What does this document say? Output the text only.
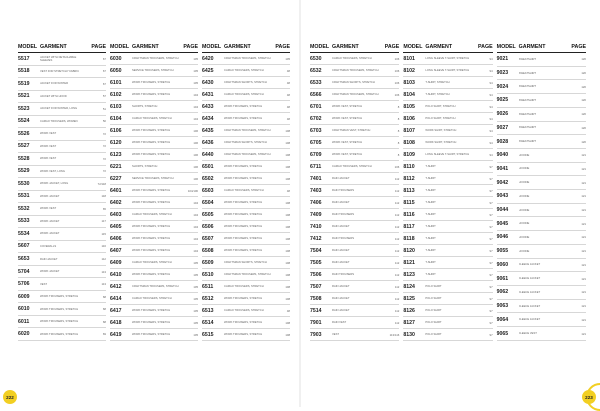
MODEL	GARMENT	PAGE
5517	JACKET WITH DETACHABLE SLEEVES	67
5518	VEST FOR STRETCHY FABRIC	67
5519	JACKET FOR WINTER	67
5521	JACKET WITH HOOD	57
5523	JACKET FOR WINTER, LONG	51
5524	CARGO TROUSERS, WOMEN	50
5526	WORK VEST	72
5527	WORK VEST	72
5528	WORK VEST	72
5529	WORK VEST, LONG	72
5530	WORK JACKET, LONG	72/118
5531	WORK JACKET	118
5532	WORK VEST	65
5533	WORK JACKET	117
5534	WORK JACKET	115
5607	COVERALLS	116
5653	RAIN JACKET	112
5704	WORK JACKET	113
5706	VEST	113
6009	WORK TROUSERS, STRETCH	68
6010	WORK TROUSERS, STRETCH	68
6011	WORK TROUSERS, STRETCH	68
6020	WORK TROUSERS, STRETCH	69
MODEL	GARMENT	PAGE
6030	CRAFTSMAN TROUSERS, STRETCH	105
6050	SERVICE TROUSERS, STRETCH	105
6101	WORK TROUSERS, STRETCH	105
6102	WORK TROUSERS, STRETCH	104
6103	SHORTS, STRETCH	104
6104	CARGO TROUSERS, STRETCH	104
6106	WORK TROUSERS, STRETCH	106
6120	WORK TROUSERS, STRETCH	106
6123	WORK TROUSERS, STRETCH	106
6221	SHORTS, STRETCH	106
6227	SERVICE TROUSERS, STRETCH	106
6401	WORK TROUSERS, STRETCH	104/106
6402	WORK TROUSERS, STRETCH	104
6403	CARGO TROUSERS, STRETCH	104
6405	WORK TROUSERS, STRETCH	104
6406	WORK TROUSERS, STRETCH	104
6407	WORK TROUSERS, STRETCH	104
6409	CARGO TROUSERS, STRETCH	105
6410	WORK TROUSERS, STRETCH	105
6412	CRAFTSMAN TROUSERS, STRETCH	105
6414	CARGO TROUSERS, STRETCH	105
6417	WORK TROUSERS, STRETCH	105
6418	WORK TROUSERS, STRETCH	105
6419	WORK TROUSERS, STRETCH	105
MODEL	GARMENT	PAGE
6420	CRAFTSMAN TROUSERS, STRETCH	105
6425	CARGO TROUSERS, STRETCH	48
6430	CRAFTSMAN SHORTS, STRETCH	48
6431	CARGO TROUSERS, STRETCH	48
6433	WORK TROUSERS, STRETCH	48
6434	WORK TROUSERS, STRETCH	48
6435	CRAFTSMAN TROUSERS, STRETCH	108
6436	CRAFTSMAN SHORTS, STRETCH	108
6440	CRAFTSMAN TROUSERS, STRETCH	108
6501	WORK TROUSERS, STRETCH	108
6502	WORK TROUSERS, STRETCH	108
6503	CARGO TROUSERS, STRETCH	48
6504	WORK TROUSERS, STRETCH	108
6505	WORK TROUSERS, STRETCH	108
6506	WORK TROUSERS, STRETCH	108
6507	WORK TROUSERS, STRETCH	108
6508	WORK TROUSERS, STRETCH	108
6509	CRAFTSMAN SHORTS, STRETCH	108
6510	CRAFTSMAN TROUSERS, STRETCH	108
6511	CARGO TROUSERS, STRETCH	108
6512	WORK TROUSERS, STRETCH	108
6513	CARGO TROUSERS, STRETCH	48
6514	WORK TROUSERS, STRETCH	108
6515	WORK TROUSERS, STRETCH	108
222
MODEL	GARMENT	PAGE
6530	CARGO TROUSERS, STRETCH	106
6532	CRAFTSMAN TROUSERS, STRETCH	106
6533	CRAFTSMAN SHORTS, STRETCH	106
6566	CRAFTSMAN TROUSERS, STRETCH	106
6701	WORK VEST, STRETCH	8
6702	WORK VEST, STRETCH	8
6703	CRAFTSMAN VEST, STRETCH	8
6705	WORK VEST, STRETCH	8
6709	WORK VEST, STRETCH	8
6711	CARGO TROUSERS, STRETCH	106
7401	RAIN JACKET	112
7403	RAIN TROUSERS	112
7406	RAIN JACKET	112
7409	RAIN TROUSERS	112
7410	RAIN JACKET	112
7412	RAIN TROUSERS	112
7504	RAIN JACKET	112
7505	RAIN JACKET	112
7506	RAIN TROUSERS	112
7507	RAIN JACKET	112
7508	RAIN JACKET	112
7514	RAIN JACKET	112
7901	RAIN VEST	112
7903	VEST	113/116
MODEL	GARMENT	PAGE
8101	LONG SLEEVE T-SHIRT, STRETCH	94
8102	LONG SLEEVE T-SHIRT, STRETCH	94
8103	T-SHIRT, STRETCH	94
8104	T-SHIRT, STRETCH	94
8105	POLO SHIRT, STRETCH	94
8106	POLO SHIRT, STRETCH	94
8107	WORK SHIRT, STRETCH	94
8108	WORK SHIRT, STRETCH	94
8109	LONG SLEEVE T-SHIRT, STRETCH	94
8110	T-SHIRT	97
8112	T-SHIRT	97
8113	T-SHIRT	97
8115	T-SHIRT	97
8116	T-SHIRT	97
8117	T-SHIRT	97
8118	T-SHIRT	97
8120	T-SHIRT	97
8121	T-SHIRT	97
8123	T-SHIRT	97
8124	POLO SHIRT	97
8125	POLO SHIRT	97
8126	POLO SHIRT	97
8127	POLO SHIRT	97
8130	POLO SHIRT	97
MODEL	GARMENT	PAGE
9021	SWEATSHIRT	120
9023	SWEATSHIRT	120
9024	SWEATSHIRT	120
9025	SWEATSHIRT	120
9026	SWEATSHIRT	120
9027	SWEATSHIRT	120
9028	SWEATSHIRT	120
9040	HOODIE	121
9041	HOODIE	121
9042	HOODIE	121
9043	HOODIE	121
9044	HOODIE	121
9045	HOODIE	121
9046	HOODIE	121
9055	HOODIE	121
9060	FLEECE JACKET	121
9061	FLEECE JACKET	121
9062	FLEECE JACKET	121
9063	FLEECE JACKET	121
9064	FLEECE JACKET	121
9065	FLEECE VEST	121
223
